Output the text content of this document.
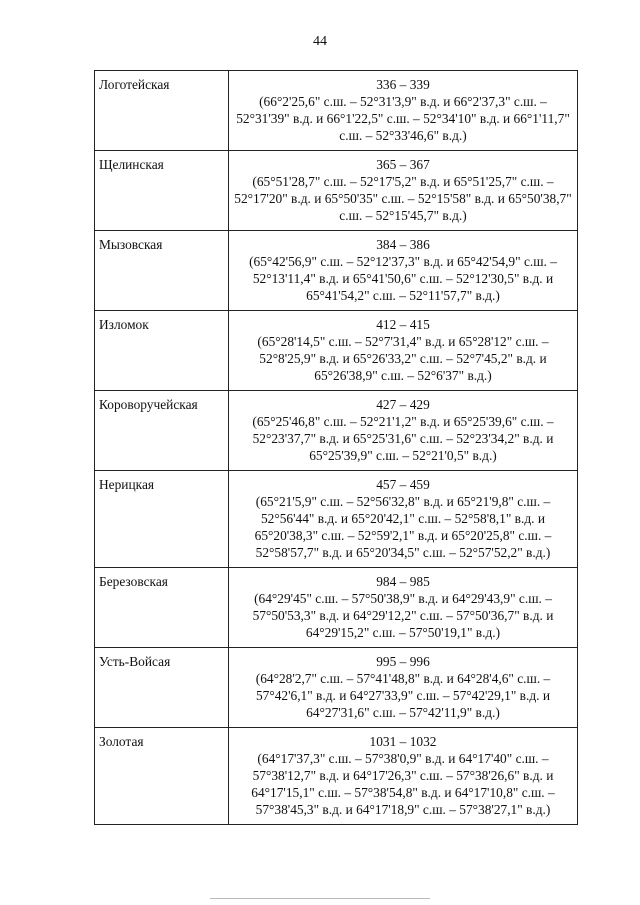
44
Логотейская	336 – 339
(66°2'25,6" с.ш. – 52°31'3,9" в.д. и 66°2'37,3" с.ш. – 52°31'39" в.д. и 66°1'22,5" с.ш. – 52°34'10" в.д. и 66°1'11,7" с.ш. – 52°33'46,6" в.д.)

Щелинская	365 – 367
(65°51'28,7" с.ш. – 52°17'5,2" в.д. и 65°51'25,7" с.ш. – 52°17'20" в.д. и 65°50'35" с.ш. – 52°15'58" в.д. и 65°50'38,7" с.ш. – 52°15'45,7" в.д.)

Мызовская	384 – 386
(65°42'56,9" с.ш. – 52°12'37,3" в.д. и 65°42'54,9" с.ш. – 52°13'11,4" в.д. и 65°41'50,6" с.ш. – 52°12'30,5" в.д. и 65°41'54,2" с.ш. – 52°11'57,7" в.д.)

Изломок	412 – 415
(65°28'14,5" с.ш. – 52°7'31,4" в.д. и 65°28'12" с.ш. – 52°8'25,9" в.д. и 65°26'33,2" с.ш. – 52°7'45,2" в.д. и 65°26'38,9" с.ш. – 52°6'37" в.д.)

Короворучейская	427 – 429
(65°25'46,8" с.ш. – 52°21'1,2" в.д. и 65°25'39,6" с.ш. – 52°23'37,7" в.д. и 65°25'31,6" с.ш. – 52°23'34,2" в.д. и 65°25'39,9" с.ш. – 52°21'0,5" в.д.)

Нерицкая	457 – 459
(65°21'5,9" с.ш. – 52°56'32,8" в.д. и 65°21'9,8" с.ш. – 52°56'44" в.д. и 65°20'42,1" с.ш. – 52°58'8,1" в.д. и 65°20'38,3" с.ш. – 52°59'2,1" в.д. и 65°20'25,8" с.ш. – 52°58'57,7" в.д. и 65°20'34,5" с.ш. – 52°57'52,2" в.д.)

Березовская	984 – 985
(64°29'45" с.ш. – 57°50'38,9" в.д. и 64°29'43,9" с.ш. – 57°50'53,3" в.д. и 64°29'12,2" с.ш. – 57°50'36,7" в.д. и 64°29'15,2" с.ш. – 57°50'19,1" в.д.)

Усть-Войсая	995 – 996
(64°28'2,7" с.ш. – 57°41'48,8" в.д. и 64°28'4,6" с.ш. – 57°42'6,1" в.д. и 64°27'33,9" с.ш. – 57°42'29,1" в.д. и 64°27'31,6" с.ш. – 57°42'11,9" в.д.)

Золотая	1031 – 1032
(64°17'37,3" с.ш. – 57°38'0,9" в.д. и 64°17'40" с.ш. – 57°38'12,7" в.д. и 64°17'26,3" с.ш. – 57°38'26,6" в.д. и 64°17'15,1" с.ш. – 57°38'54,8" в.д. и 64°17'10,8" с.ш. – 57°38'45,3" в.д. и 64°17'18,9" с.ш. – 57°38'27,1" в.д.)
